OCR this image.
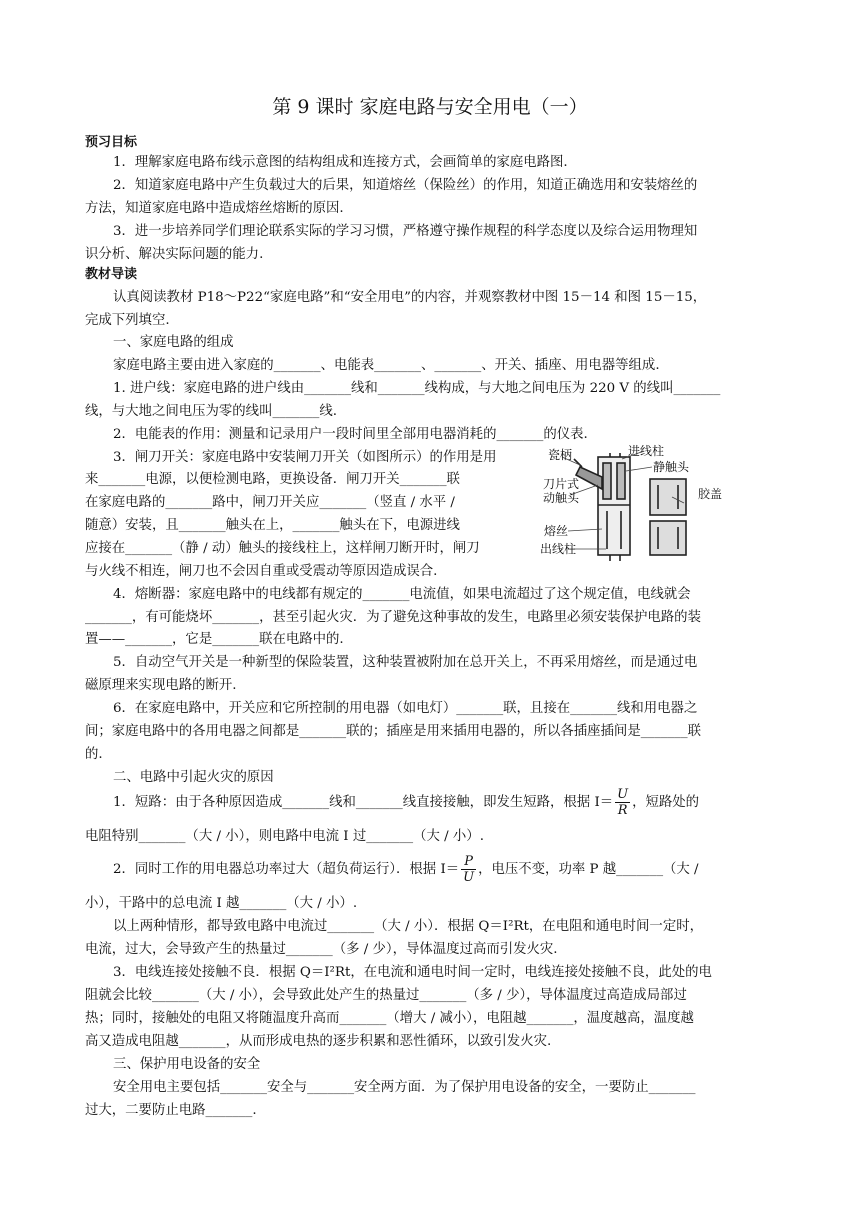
第 9 课时 家庭电路与安全用电（一）
预习目标
1．理解家庭电路布线示意图的结构组成和连接方式，会画简单的家庭电路图.
2．知道家庭电路中产生负载过大的后果，知道熔丝（保险丝）的作用，知道正确选用和安装熔丝的
方法，知道家庭电路中造成熔丝熔断的原因.
3．进一步培养同学们理论联系实际的学习习惯，严格遵守操作规程的科学态度以及综合运用物理知
识分析、解决实际问题的能力.
教材导读
认真阅读教材 P18～P22“家庭电路”和“安全用电”的内容，并观察教材中图 15－14 和图 15－15，
完成下列填空.
一、家庭电路的组成
家庭电路主要由进入家庭的_______、电能表_______、_______、开关、插座、用电器等组成.
1. 进户线：家庭电路的进户线由_______线和_______线构成，与大地之间电压为 220 V 的线叫_______
线，与大地之间电压为零的线叫_______线.
2．电能表的作用：测量和记录用户一段时间里全部用电器消耗的_______的仪表.
3．闸刀开关：家庭电路中安装闸刀开关（如图所示）的作用是用
来_______电源，以便检测电路，更换设备．闸刀开关_______联
在家庭电路的_______路中，闸刀开关应_______（竖直 / 水平 /
随意）安装，且_______触头在上，_______触头在下，电源进线
应接在_______（静 / 动）触头的接线柱上，这样闸刀断开时，闸刀
与火线不相连，闸刀也不会因自重或受震动等原因造成误合.
瓷柄	进线柱
静触头
刀片式
动触头
熔丝
出线柱
胶盖
4．熔断器：家庭电路中的电线都有规定的_______电流值，如果电流超过了这个规定值，电线就会
_______，有可能烧坏_______，甚至引起火灾．为了避免这种事故的发生，电路里必须安装保护电路的装
置——_______，它是_______联在电路中的.
5．自动空气开关是一种新型的保险装置，这种装置被附加在总开关上，不再采用熔丝，而是通过电
磁原理来实现电路的断开.
6．在家庭电路中，开关应和它所控制的用电器（如电灯）_______联，且接在_______线和用电器之
间；家庭电路中的各用电器之间都是_______联的；插座是用来插用电器的，所以各插座插间是_______联
的.
二、电路中引起火灾的原因
1．短路：由于各种原因造成_______线和_______线直接接触，即发生短路，根据 $I= \frac{U}{R}$ ，短路处的
电阻特别_______（大 / 小），则电路中电流 I 过_______（大 / 小）.
2．同时工作的用电器总功率过大（超负荷运行）．根据 $I= \frac{P}{U}$ ，电压不变，功率 P 越_______（大 /
小），干路中的总电流 I 越_______（大 / 小）.
以上两种情形，都导致电路中电流过_______（大 / 小）．根据 Q＝I²Rt，在电阻和通电时间一定时，
电流，过大，会导致产生的热量过_______（多 / 少），导体温度过高而引发火灾.
3．电线连接处接触不良．根据 Q＝I²Rt，在电流和通电时间一定时，电线连接处接触不良，此处的电
阻就会比较_______（大 / 小），会导致此处产生的热量过_______（多 / 少），导体温度过高造成局部过
热；同时，接触处的电阻又将随温度升高而_______（增大 / 减小），电阻越_______，温度越高，温度越
高又造成电阻越_______，从而形成电热的逐步积累和恶性循环，以致引发火灾.
三、保护用电设备的安全
安全用电主要包括_______安全与_______安全两方面．为了保护用电设备的安全，一要防止_______
过大，二要防止电路_______.
